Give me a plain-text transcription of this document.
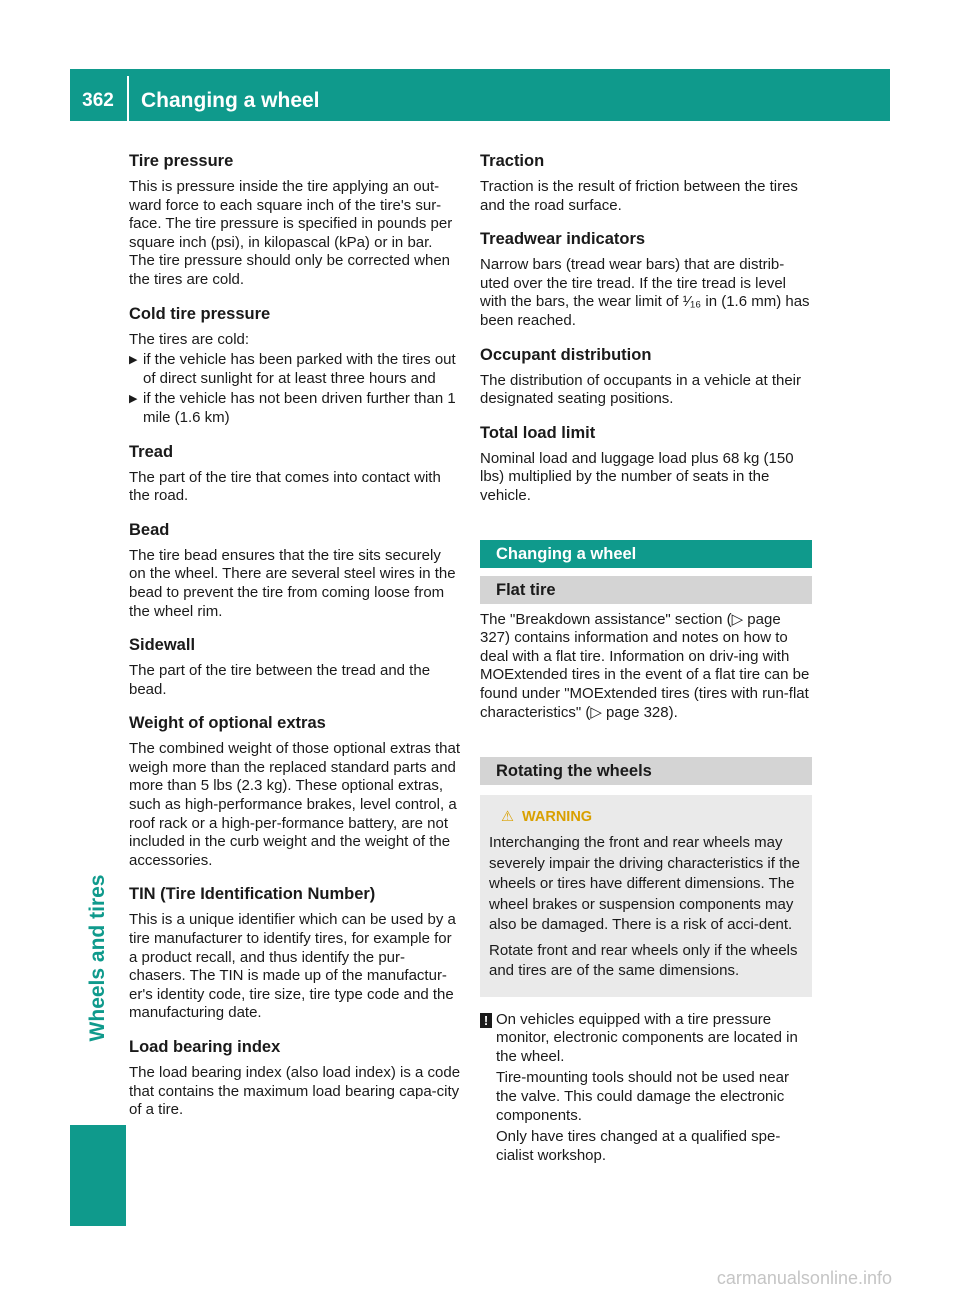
362	Changing a wheel
Wheels and tires
Tire pressure

This is pressure inside the tire applying an out-ward force to each square inch of the tire's sur-face. The tire pressure is specified in pounds per square inch (psi), in kilopascal (kPa) or in bar. The tire pressure should only be corrected when the tires are cold.

Cold tire pressure

The tires are cold:

▶ if the vehicle has been parked with the tires out of direct sunlight for at least three hours and
▶ if the vehicle has not been driven further than 1 mile (1.6 km)
Tread

The part of the tire that comes into contact with the road.

Bead

The tire bead ensures that the tire sits securely on the wheel. There are several steel wires in the bead to prevent the tire from coming loose from the wheel rim.

Sidewall

The part of the tire between the tread and the bead.

Weight of optional extras

The combined weight of those optional extras that weigh more than the replaced standard parts and more than 5 lbs (2.3 kg). These optional extras, such as high-performance brakes, level control, a roof rack or a high-per-formance battery, are not included in the curb weight and the weight of the accessories.

TIN (Tire Identification Number)

This is a unique identifier which can be used by a tire manufacturer to identify tires, for example for a product recall, and thus identify the pur-chasers. The TIN is made up of the manufactur-er's identity code, tire size, tire type code and the manufacturing date.

Load bearing index

The load bearing index (also load index) is a code that contains the maximum load bearing capa-city of a tire.

Traction

Traction is the result of friction between the tires and the road surface.

Treadwear indicators

Narrow bars (tread wear bars) that are distrib-uted over the tire tread. If the tire tread is level with the bars, the wear limit of ¹⁄₁₆ in (1.6 mm) has been reached.

Occupant distribution

The distribution of occupants in a vehicle at their designated seating positions.

Total load limit

Nominal load and luggage load plus 68 kg (150 lbs) multiplied by the number of seats in the vehicle.

Changing a wheel
Flat tire

The "Breakdown assistance" section (▷ page 327) contains information and notes on how to deal with a flat tire. Information on driv-ing with MOExtended tires in the event of a flat tire can be found under "MOExtended tires (tires with run-flat characteristics" (▷ page 328).

Rotating the wheels
⚠ WARNING

Interchanging the front and rear wheels may severely impair the driving characteristics if the wheels or tires have different dimensions. The wheel brakes or suspension components may also be damaged. There is a risk of acci-dent.

Rotate front and rear wheels only if the wheels and tires are of the same dimensions.

! On vehicles equipped with a tire pressure monitor, electronic components are located in the wheel.

Tire-mounting tools should not be used near the valve. This could damage the electronic components.

Only have tires changed at a qualified spe-cialist workshop.

carmanualsonline.info
